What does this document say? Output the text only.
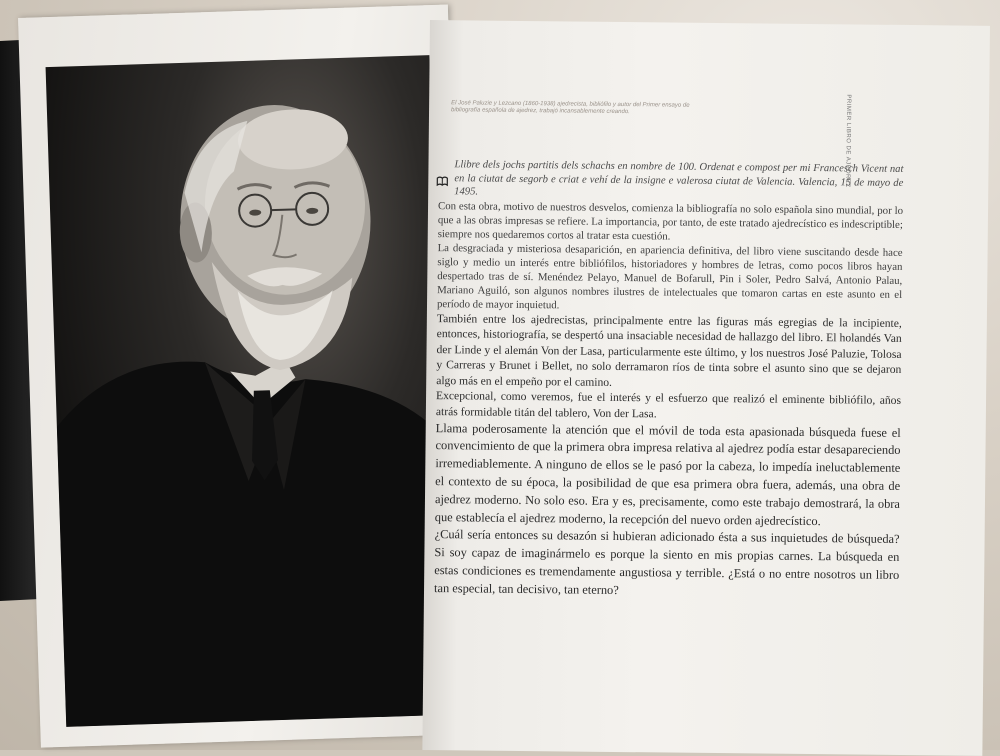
El José Paluzie y Lezcano (1860-1938) ajedrecista, bibliófilo y autor del Primer ensayo de bibliografía española de ajedrez, trabajó incansablemente creando.	PRIMER LIBRO DE AJEDREZ

Llibre dels jochs partitis dels schachs en nombre de 100. Ordenat e compost per mi Francesch Vicent nat en la ciutat de segorb e criat e vehí de la insigne e valerosa ciutat de Valencia. Valencia, 15 de mayo de 1495.

Con esta obra, motivo de nuestros desvelos, comienza la bibliografía no solo española sino mundial, por lo que a las obras impresas se refiere. La importancia, por tanto, de este tratado ajedrecístico es indescriptible; siempre nos quedaremos cortos al tratar esta cuestión.

La desgraciada y misteriosa desaparición, en apariencia definitiva, del libro viene suscitando desde hace siglo y medio un interés entre bibliófilos, historiadores y hombres de letras, como pocos libros hayan despertado tras de sí. Menéndez Pelayo, Manuel de Bofarull, Pin i Soler, Pedro Salvá, Antonio Palau, Mariano Aguiló, son algunos nombres ilustres de intelectuales que tomaron cartas en este asunto en el período de mayor inquietud.

También entre los ajedrecistas, principalmente entre las figuras más egregias de la incipiente, entonces, historiografía, se despertó una insaciable necesidad de hallazgo del libro. El holandés Van der Linde y el alemán Von der Lasa, particularmente este último, y los nuestros José Paluzie, Tolosa y Carreras y Brunet i Bellet, no solo derramaron ríos de tinta sobre el asunto sino que se dejaron algo más en el empeño por el camino.

Excepcional, como veremos, fue el interés y el esfuerzo que realizó el eminente bibliófilo, años atrás formidable titán del tablero, Von der Lasa.

Llama poderosamente la atención que el móvil de toda esta apasionada búsqueda fuese el convencimiento de que la primera obra impresa relativa al ajedrez podía estar desapareciendo irremediablemente. A ninguno de ellos se le pasó por la cabeza, lo impedía ineluctablemente el contexto de su época, la posibilidad de que esa primera obra fuera, además, una obra de ajedrez moderno. No solo eso. Era y es, precisamente, como este trabajo demostrará, la obra que establecía el ajedrez moderno, la recepción del nuevo orden ajedrecístico.

¿Cuál sería entonces su desazón si hubieran adicionado ésta a sus inquietudes de búsqueda? Si soy capaz de imaginármelo es porque la siento en mis propias carnes. La búsqueda en estas condiciones es tremendamente angustiosa y terrible. ¿Está o no entre nosotros un libro tan especial, tan decisivo, tan eterno?
